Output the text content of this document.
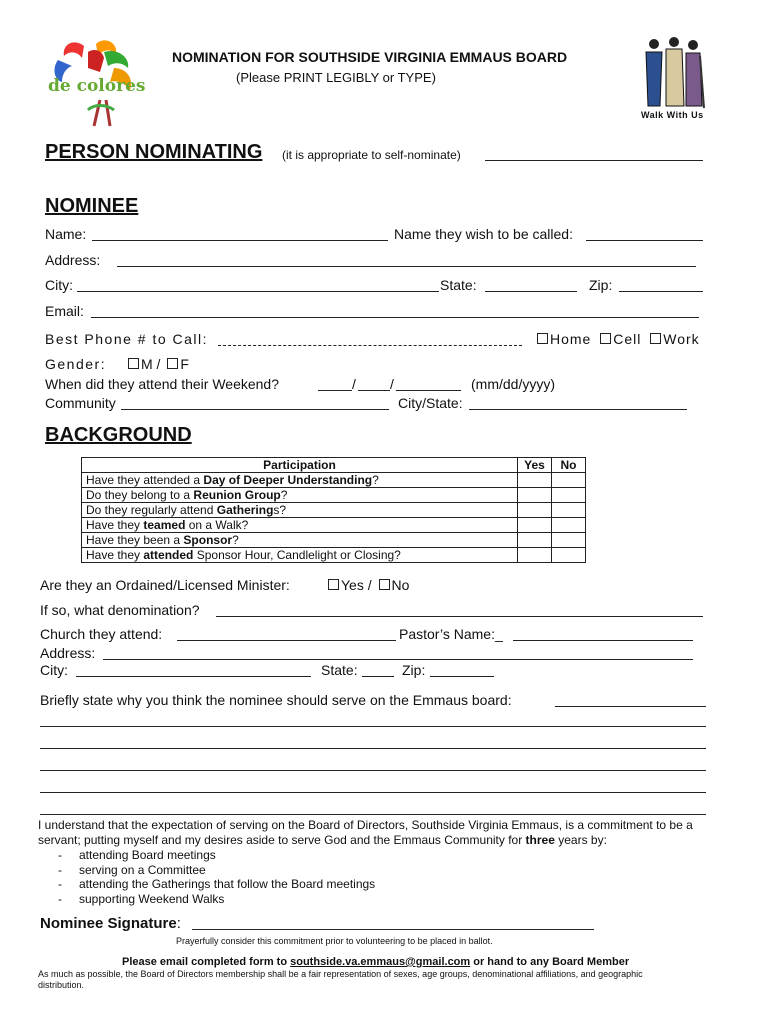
de colores
NOMINATION FOR SOUTHSIDE VIRGINIA EMMAUS BOARD
(Please PRINT LEGIBLY or TYPE)
Walk With Us
PERSON NOMINATING (it is appropriate to self-nominate)
NOMINEE
Name:	Name they wish to be called:
Address:
City:	State:	Zip:
Email:
Best Phone # to Call:	Home Cell Work
Gender:	M / F
When did they attend their Weekend?	/ /	(mm/dd/yyyy)
Community	City/State:
BACKGROUND
Participation	Yes	No
Have they attended a Day of Deeper Understanding?		
Do they belong to a Reunion Group?		
Do they regularly attend Gatherings?		
Have they teamed on a Walk?		
Have they been a Sponsor?		
Have they attended Sponsor Hour, Candlelight or Closing?		
Are they an Ordained/Licensed Minister:	Yes / No
If so, what denomination?
Church they attend:	Pastor’s Name:_
Address:
City:	State:	Zip:
Briefly state why you think the nominee should serve on the Emmaus board:
I understand that the expectation of serving on the Board of Directors, Southside Virginia Emmaus, is a commitment to be a
servant; putting myself and my desires aside to serve God and the Emmaus Community for three years by:
- attending Board meetings
- serving on a Committee
- attending the Gatherings that follow the Board meetings
- supporting Weekend Walks
Nominee Signature:
Prayerfully consider this commitment prior to volunteering to be placed in ballot.
Please email completed form to southside.va.emmaus@gmail.com or hand to any Board Member
As much as possible, the Board of Directors membership shall be a fair representation of sexes, age groups, denominational affiliations, and geographic
distribution.
